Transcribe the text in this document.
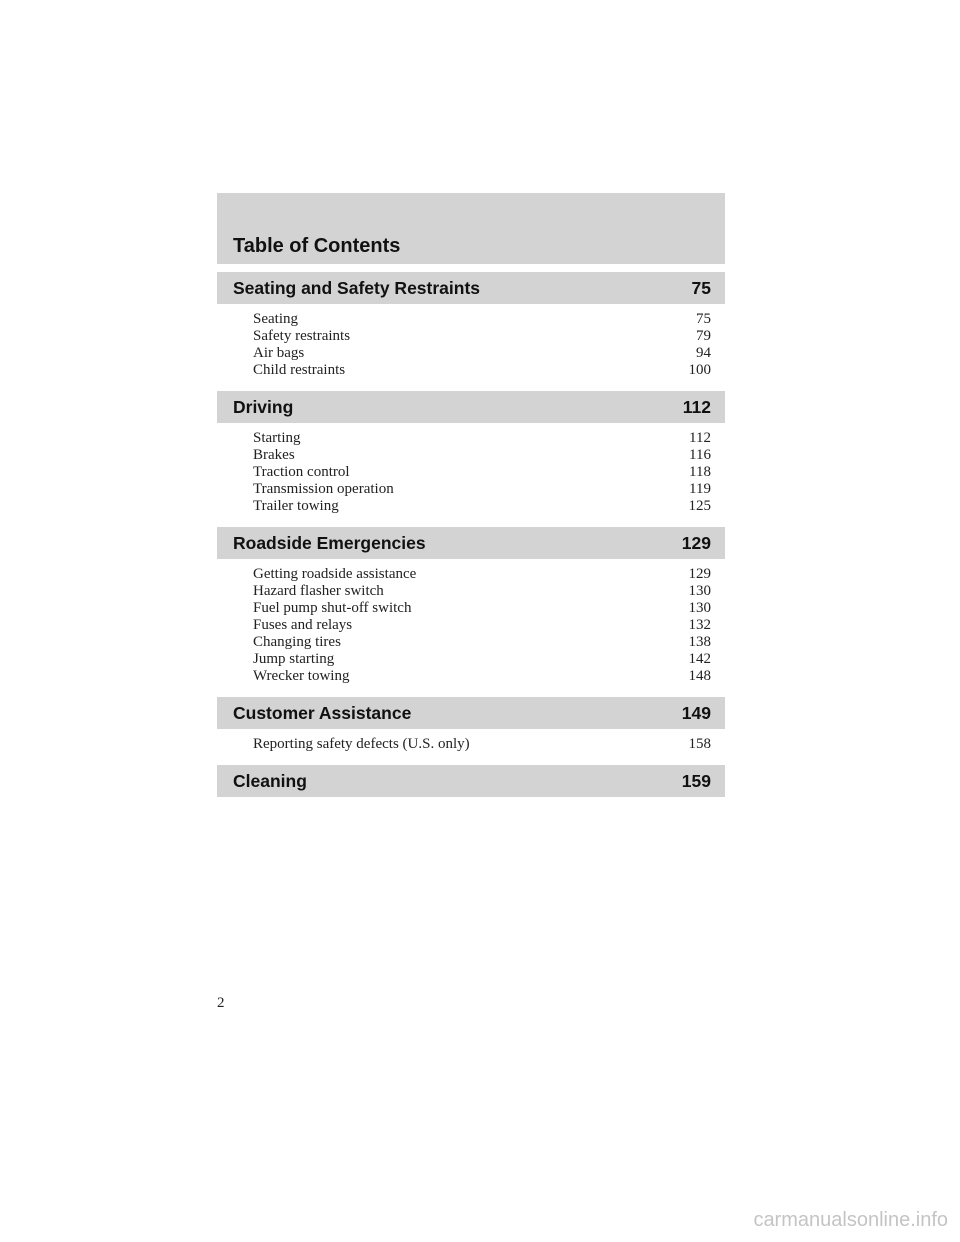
Table of Contents
Seating and Safety Restraints	75
Seating	75
Safety restraints	79
Air bags	94
Child restraints	100
Driving	112
Starting	112
Brakes	116
Traction control	118
Transmission operation	119
Trailer towing	125
Roadside Emergencies	129
Getting roadside assistance	129
Hazard flasher switch	130
Fuel pump shut-off switch	130
Fuses and relays	132
Changing tires	138
Jump starting	142
Wrecker towing	148
Customer Assistance	149
Reporting safety defects (U.S. only)	158
Cleaning	159
2
carmanualsonline.info
